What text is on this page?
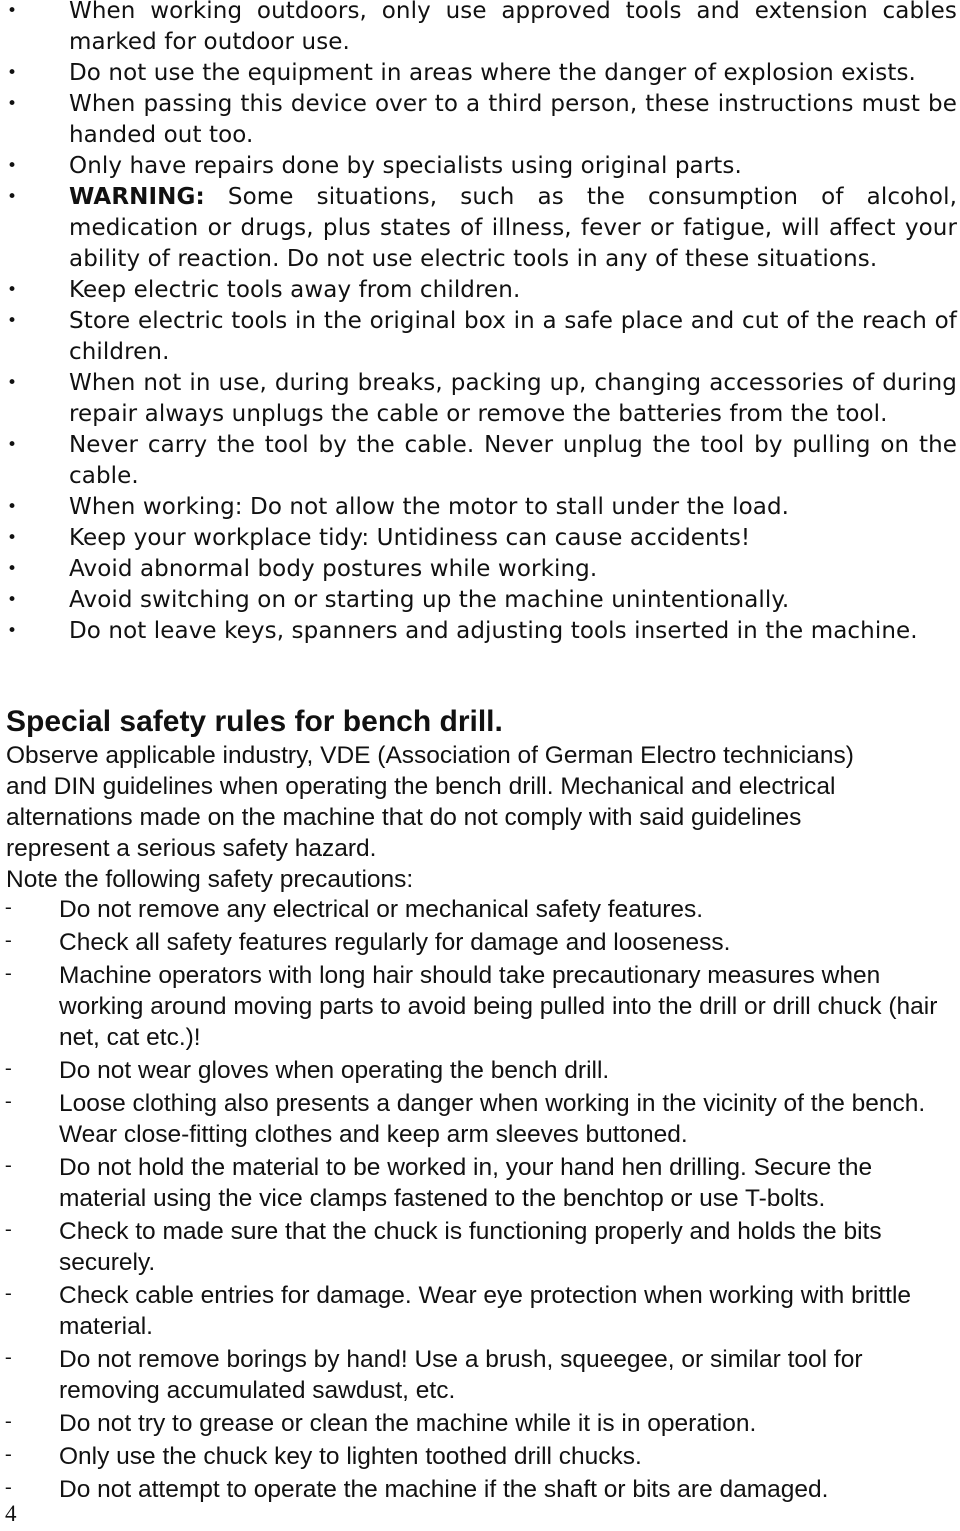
• When working outdoors, only use approved tools and extension cables marked for outdoor use.
• Do not use the equipment in areas where the danger of explosion exists.
• When passing this device over to a third person, these instructions must be handed out too.
• Only have repairs done by specialists using original parts.
• WARNING: Some situations, such as the consumption of alcohol, medication or drugs, plus states of illness, fever or fatigue, will affect your ability of reaction. Do not use electric tools in any of these situations.
• Keep electric tools away from children.
• Store electric tools in the original box in a safe place and cut of the reach of children.
• When not in use, during breaks, packing up, changing accessories of during repair always unplugs the cable or remove the batteries from the tool.
• Never carry the tool by the cable. Never unplug the tool by pulling on the cable.
• When working: Do not allow the motor to stall under the load.
• Keep your workplace tidy: Untidiness can cause accidents!
• Avoid abnormal body postures while working.
• Avoid switching on or starting up the machine unintentionally.
• Do not leave keys, spanners and adjusting tools inserted in the machine.
Special safety rules for bench drill.

Observe applicable industry, VDE (Association of German Electro technicians)
and DIN guidelines when operating the bench drill. Mechanical and electrical
alternations made on the machine that do not comply with said guidelines
represent a serious safety hazard.
Note the following safety precautions:

- Do not remove any electrical or mechanical safety features.
- Check all safety features regularly for damage and looseness.
- Machine operators with long hair should take precautionary measures when working around moving parts to avoid being pulled into the drill or drill chuck (hair net, cat etc.)!
- Do not wear gloves when operating the bench drill.
- Loose clothing also presents a danger when working in the vicinity of the bench. Wear close-fitting clothes and keep arm sleeves buttoned.
- Do not hold the material to be worked in, your hand hen drilling. Secure the material using the vice clamps fastened to the benchtop or use T-bolts.
- Check to made sure that the chuck is functioning properly and holds the bits securely.
- Check cable entries for damage. Wear eye protection when working with brittle material.
- Do not remove borings by hand! Use a brush, squeegee, or similar tool for removing accumulated sawdust, etc.
- Do not try to grease or clean the machine while it is in operation.
- Only use the chuck key to lighten toothed drill chucks.
- Do not attempt to operate the machine if the shaft or bits are damaged.
4
